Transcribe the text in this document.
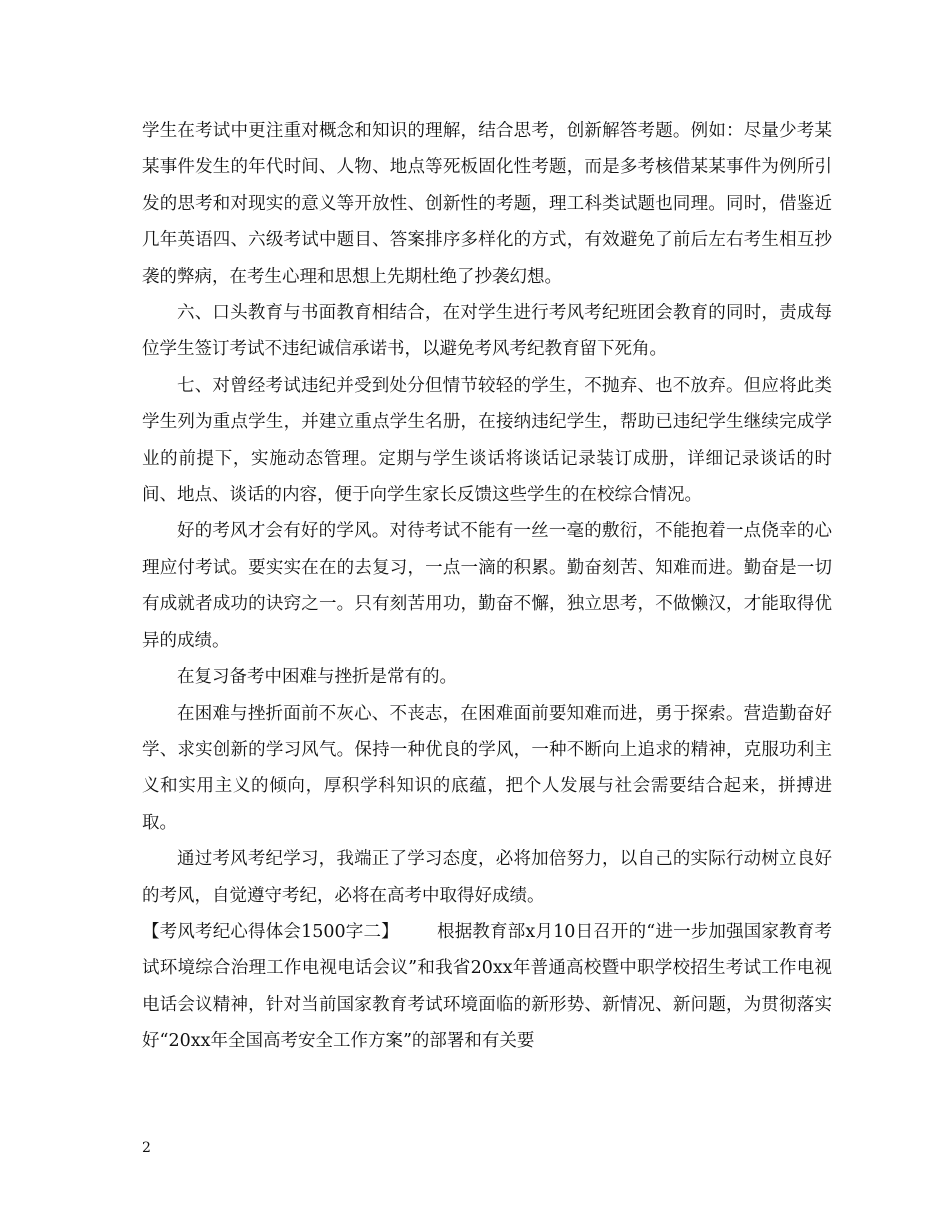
学生在考试中更注重对概念和知识的理解，结合思考，创新解答考题。例如：尽量少考某某事件发生的年代时间、人物、地点等死板固化性考题，而是多考核借某某事件为例所引发的思考和对现实的意义等开放性、创新性的考题，理工科类试题也同理。同时，借鉴近几年英语四、六级考试中题目、答案排序多样化的方式，有效避免了前后左右考生相互抄袭的弊病，在考生心理和思想上先期杜绝了抄袭幻想。

六、口头教育与书面教育相结合，在对学生进行考风考纪班团会教育的同时，责成每位学生签订考试不违纪诚信承诺书，以避免考风考纪教育留下死角。

七、对曾经考试违纪并受到处分但情节较轻的学生，不抛弃、也不放弃。但应将此类学生列为重点学生，并建立重点学生名册，在接纳违纪学生，帮助已违纪学生继续完成学业的前提下，实施动态管理。定期与学生谈话将谈话记录装订成册，详细记录谈话的时间、地点、谈话的内容，便于向学生家长反馈这些学生的在校综合情况。

好的考风才会有好的学风。对待考试不能有一丝一毫的敷衍，不能抱着一点侥幸的心理应付考试。要实实在在的去复习，一点一滴的积累。勤奋刻苦、知难而进。勤奋是一切有成就者成功的诀窍之一。只有刻苦用功，勤奋不懈，独立思考，不做懒汉，才能取得优异的成绩。

在复习备考中困难与挫折是常有的。

在困难与挫折面前不灰心、不丧志，在困难面前要知难而进，勇于探索。营造勤奋好学、求实创新的学习风气。保持一种优良的学风，一种不断向上追求的精神，克服功利主义和实用主义的倾向，厚积学科知识的底蕴，把个人发展与社会需要结合起来，拼搏进取。

通过考风考纪学习，我端正了学习态度，必将加倍努力，以自己的实际行动树立良好的考风，自觉遵守考纪，必将在高考中取得好成绩。

【考风考纪心得体会1500字二】 根据教育部x月10日召开的“进一步加强国家教育考试环境综合治理工作电视电话会议”和我省20xx年普通高校暨中职学校招生考试工作电视电话会议精神，针对当前国家教育考试环境面临的新形势、新情况、新问题，为贯彻落实好“20xx年全国高考安全工作方案”的部署和有关要

2
